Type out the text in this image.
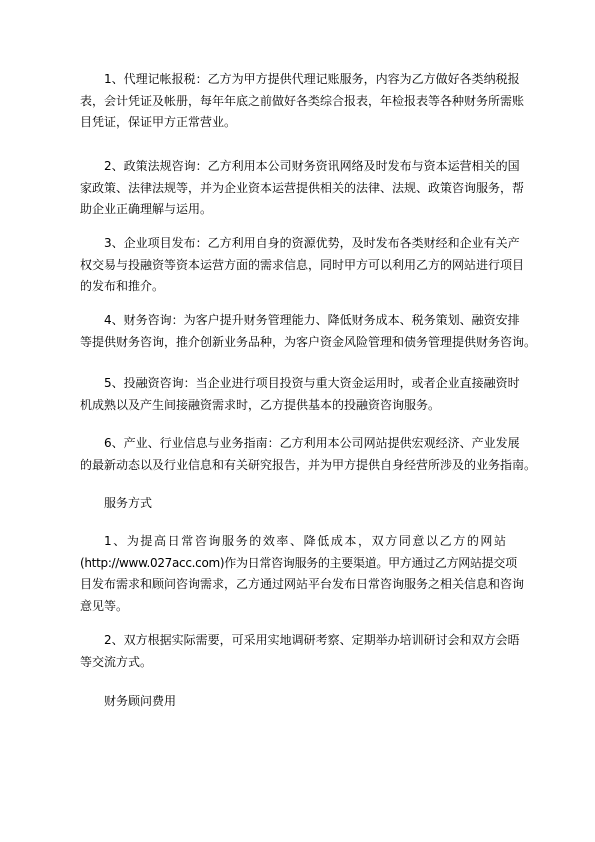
1、代理记帐报税：乙方为甲方提供代理记账服务，内容为乙方做好各类纳税报
表，会计凭证及帐册，每年年底之前做好各类综合报表，年检报表等各种财务所需账
目凭证，保证甲方正常营业。
2、政策法规咨询：乙方利用本公司财务资讯网络及时发布与资本运营相关的国
家政策、法律法规等，并为企业资本运营提供相关的法律、法规、政策咨询服务，帮
助企业正确理解与运用。
3、企业项目发布：乙方利用自身的资源优势，及时发布各类财经和企业有关产
权交易与投融资等资本运营方面的需求信息，同时甲方可以利用乙方的网站进行项目
的发布和推介。
4、财务咨询：为客户提升财务管理能力、降低财务成本、税务策划、融资安排
等提供财务咨询，推介创新业务品种，为客户资金风险管理和债务管理提供财务咨询。
5、投融资咨询：当企业进行项目投资与重大资金运用时，或者企业直接融资时
机成熟以及产生间接融资需求时，乙方提供基本的投融资咨询服务。
6、产业、行业信息与业务指南：乙方利用本公司网站提供宏观经济、产业发展
的最新动态以及行业信息和有关研究报告，并为甲方提供自身经营所涉及的业务指南。
服务方式
1、为提高日常咨询服务的效率、降低成本，双方同意以乙方的网站
(http://www.027acc.com)作为日常咨询服务的主要渠道。甲方通过乙方网站提交项
目发布需求和顾问咨询需求，乙方通过网站平台发布日常咨询服务之相关信息和咨询
意见等。
2、双方根据实际需要，可采用实地调研考察、定期举办培训研讨会和双方会晤
等交流方式。
财务顾问费用
